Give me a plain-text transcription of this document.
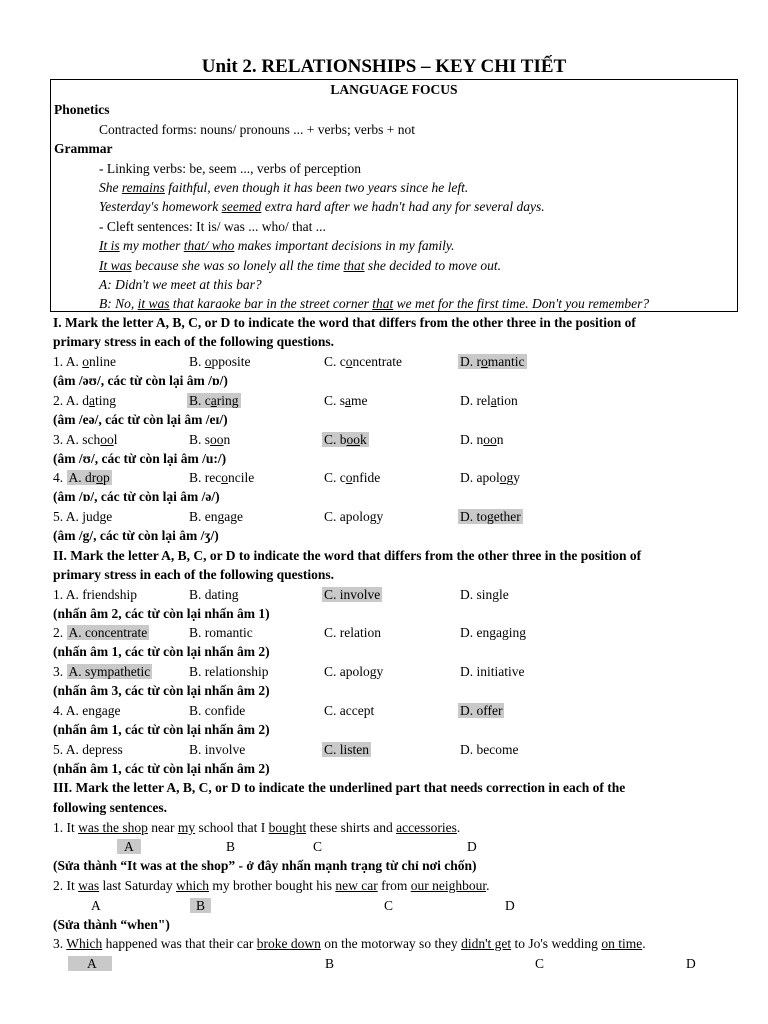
Unit 2. RELATIONSHIPS – KEY CHI TIẾT
LANGUAGE FOCUS
Phonetics
Contracted forms: nouns/ pronouns ... + verbs; verbs + not
Grammar
- Linking verbs: be, seem ..., verbs of perception
She remains faithful, even though it has been two years since he left.
Yesterday's homework seemed extra hard after we hadn't had any for several days.
- Cleft sentences: It is/ was ... who/ that ...
It is my mother that/ who makes important decisions in my family.
It was because she was so lonely all the time that she decided to move out.
A: Didn't we meet at this bar?
B: No, it was that karaoke bar in the street corner that we met for the first time. Don't you remember?
I. Mark the letter A, B, C, or D to indicate the word that differs from the other three in the position of
primary stress in each of the following questions.
1. A. online	B. opposite	C. concentrate	D. romantic
(âm /əʊ/, các từ còn lại âm /ɒ/)
2. A. dating	B. caring	C. same	D. relation
(âm /eə/, các từ còn lại âm /eɪ/)
3. A. school	B. soon	C. book	D. noon
(âm /ʊ/, các từ còn lại âm /u:/)
4. A. drop	B. reconcile	C. confide	D. apology
(âm /ɒ/, các từ còn lại âm /ə/)
5. A. judge	B. engage	C. apology	D. together
(âm /g/, các từ còn lại âm /ʒ/)
II. Mark the letter A, B, C, or D to indicate the word that differs from the other three in the position of
primary stress in each of the following questions.
1. A. friendship	B. dating	C. involve	D. single
(nhấn âm 2, các từ còn lại nhấn âm 1)
2. A. concentrate	B. romantic	C. relation	D. engaging
(nhấn âm 1, các từ còn lại nhấn âm 2)
3. A. sympathetic	B. relationship	C. apology	D. initiative
(nhấn âm 3, các từ còn lại nhấn âm 2)
4. A. engage	B. confide	C. accept	D. offer
(nhấn âm 1, các từ còn lại nhấn âm 2)
5. A. depress	B. involve	C. listen	D. become
(nhấn âm 1, các từ còn lại nhấn âm 2)
III. Mark the letter A, B, C, or D to indicate the underlined part that needs correction in each of the
following sentences.
1. It was the shop near my school that I bought these shirts and accessories.
A	B	C	D
(Sửa thành “It was at the shop” - ở đây nhấn mạnh trạng từ chỉ nơi chốn)
2. It was last Saturday which my brother bought his new car from our neighbour.
A	B	C	D
(Sửa thành “when")
3. Which happened was that their car broke down on the motorway so they didn't get to Jo's wedding on time.
A	B	C	D
